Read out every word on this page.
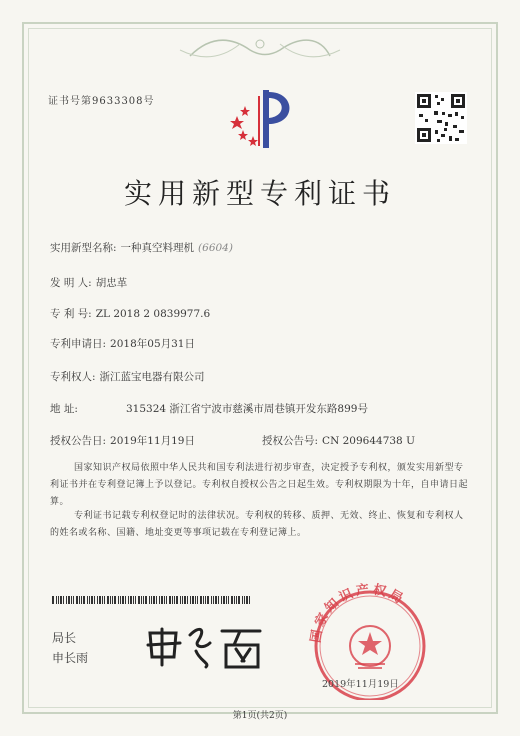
证书号第9633308号
实用新型专利证书
实用新型名称: 一种真空料理机 (6604)
发 明 人: 胡忠革
专 利 号: ZL 2018 2 0839977.6
专利申请日: 2018年05月31日
专利权人: 浙江蓝宝电器有限公司
地 址:	315324 浙江省宁波市慈溪市周巷镇开发东路899号
授权公告日: 2019年11月19日	授权公告号: CN 209644738 U
国家知识产权局依照中华人民共和国专利法进行初步审查，决定授予专利权，颁发实用新型专利证书并在专利登记簿上予以登记。专利权自授权公告之日起生效。专利权期限为十年，自申请日起算。
专利证书记载专利权登记时的法律状况。专利权的转移、质押、无效、终止、恢复和专利权人的姓名或名称、国籍、地址变更等事项记载在专利登记簿上。
局长
申长雨
国家知识产权局
2019年11月19日
第1页(共2页)
